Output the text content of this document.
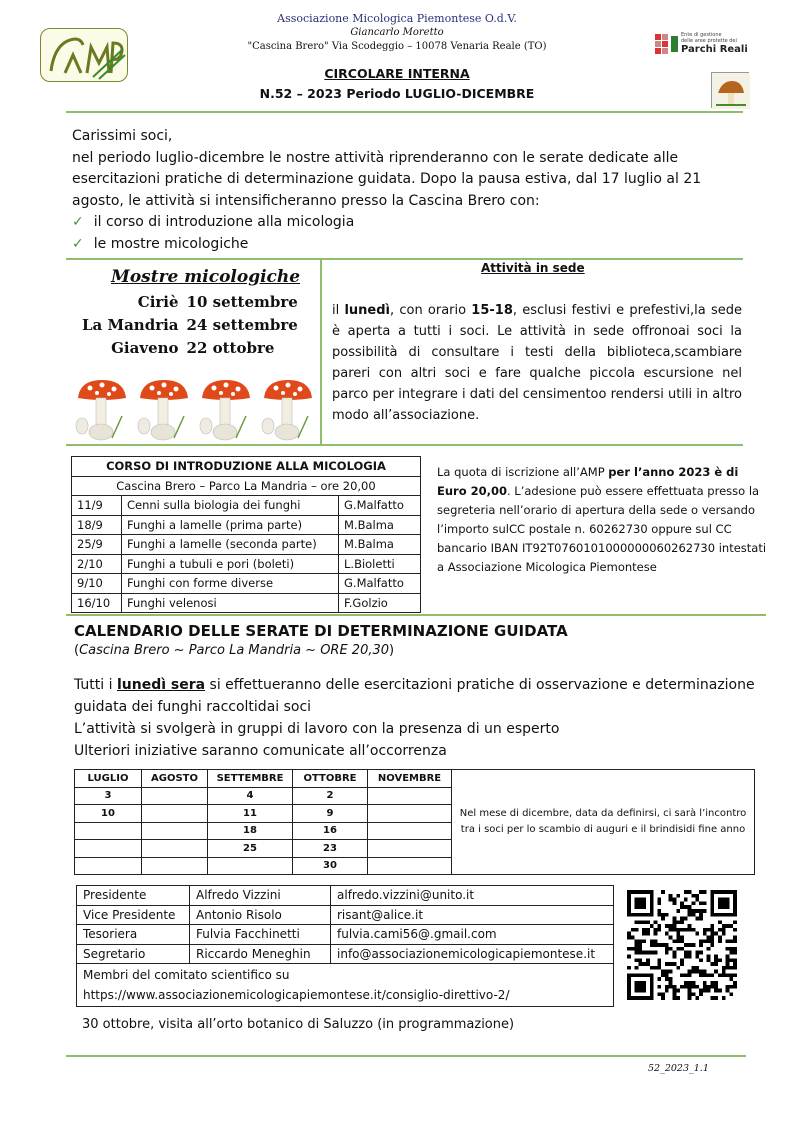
Associazione Micologica Piemontese O.d.V.
Giancarlo Moretto
"Cascina Brero" Via Scodeggio – 10078 Venaria Reale (TO)
CIRCOLARE INTERNA
N.52 – 2023 Periodo LUGLIO-DICEMBRE
Ente di gestione
delle aree protette dei
Parchi Reali
Carissimi soci,
nel periodo luglio-dicembre le nostre attività riprenderanno con le serate dedicate alle esercitazioni pratiche di determinazione guidata. Dopo la pausa estiva, dal 17 luglio al 21 agosto, le attività si intensificheranno presso la Cascina Brero con:
✓ il corso di introduzione alla micologia
✓ le mostre micologiche
Mostre micologiche
Ciriè	10 settembre
La Mandria	24 settembre
Giaveno	22 ottobre
Attività in sede
il lunedì, con orario 15-18, esclusi festivi e prefestivi,la sede è aperta a tutti i soci. Le attività in sede offronoai soci la possibilità di consultare i testi della biblioteca,scambiare pareri con altri soci e fare qualche piccola escursione nel parco per integrare i dati del censimentoo rendersi utili in altro modo all’associazione.
CORSO DI INTRODUZIONE ALLA MICOLOGIA		
Cascina Brero – Parco La Mandria – ore 20,00		
11/9	Cenni sulla biologia dei funghi	G.Malfatto
18/9	Funghi a lamelle (prima parte)	M.Balma
25/9	Funghi a lamelle (seconda parte)	M.Balma
2/10	Funghi a tubuli e pori (boleti)	L.Bioletti
9/10	Funghi con forme diverse	G.Malfatto
16/10	Funghi velenosi	F.Golzio
La quota di iscrizione all’AMP per l’anno 2023 è di Euro 20,00. L’adesione può essere effettuata presso la segreteria nell’orario di apertura della sede o versando l’importo sulCC postale n. 60262730 oppure sul CC bancario IBAN IT92T0760101000000060262730 intestati a Associazione Micologica Piemontese
CALENDARIO DELLE SERATE DI DETERMINAZIONE GUIDATA
(Cascina Brero ~ Parco La Mandria ~ ORE 20,30)
Tutti i lunedì sera si effettueranno delle esercitazioni pratiche di osservazione e determinazione guidata dei funghi raccoltidai soci
L’attività si svolgerà in gruppi di lavoro con la presenza di un esperto
Ulteriori iniziative saranno comunicate all’occorrenza
LUGLIO	AGOSTO	SETTEMBRE	OTTOBRE	NOVEMBRE	Nel mese di dicembre, data da definirsi, ci sarà l’incontro tra i soci per lo scambio di auguri e il brindisidi fine anno
3		4	2		
10		11	9		
		18	16		
		25	23		
			30		
Presidente	Alfredo Vizzini	alfredo.vizzini@unito.it
Vice Presidente	Antonio Risolo	risant@alice.it
Tesoriera	Fulvia Facchinetti	fulvia.cami56@.gmail.com
Segretario	Riccardo Meneghin	info@associazionemicologicapiemontese.it

Membri del comitato scientifico su
https://www.associazionemicologicapiemontese.it/consiglio-direttivo-2/		
30 ottobre, visita all’orto botanico di Saluzzo (in programmazione)
52_2023_1.1
